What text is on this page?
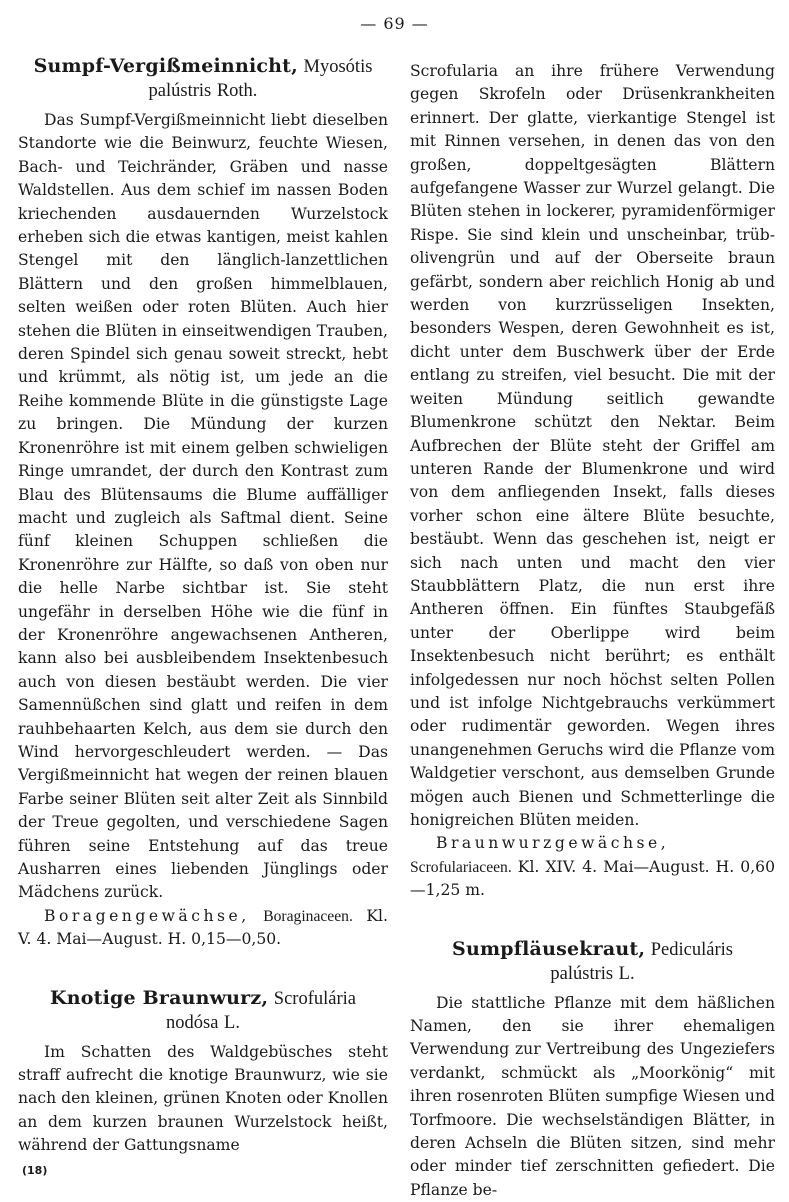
— 69 —
Sumpf-Vergißmeinnicht, Myosótis
palústris Roth.

Das Sumpf-Vergißmeinnicht liebt dieselben Standorte wie die Beinwurz, feuchte Wiesen, Bach- und Teichränder, Gräben und nasse Waldstellen. Aus dem schief im nassen Boden kriechenden ausdauernden Wurzelstock erheben sich die etwas kantigen, meist kahlen Stengel mit den länglich-lanzettlichen Blättern und den großen himmelblauen, selten weißen oder roten Blüten. Auch hier stehen die Blüten in einseitwendigen Trauben, deren Spindel sich genau soweit streckt, hebt und krümmt, als nötig ist, um jede an die Reihe kommende Blüte in die günstigste Lage zu bringen. Die Mündung der kurzen Kronenröhre ist mit einem gelben schwieligen Ringe umrandet, der durch den Kontrast zum Blau des Blütensaums die Blume auffälliger macht und zugleich als Saftmal dient. Seine fünf kleinen Schuppen schließen die Kronenröhre zur Hälfte, so daß von oben nur die helle Narbe sichtbar ist. Sie steht ungefähr in derselben Höhe wie die fünf in der Kronenröhre angewachsenen Antheren, kann also bei ausbleibendem Insektenbesuch auch von diesen bestäubt werden. Die vier Samennüßchen sind glatt und reifen in dem rauhbehaarten Kelch, aus dem sie durch den Wind hervorgeschleudert werden. — Das Vergißmeinnicht hat wegen der reinen blauen Farbe seiner Blüten seit alter Zeit als Sinnbild der Treue gegolten, und verschiedene Sagen führen seine Entstehung auf das treue Ausharren eines liebenden Jünglings oder Mädchens zurück.

Boragengewächse, Boraginaceen. Kl. V. 4. Mai—August. H. 0,15—0,50.
Knotige Braunwurz, Scrofulária
nodósa L.

Im Schatten des Waldgebüsches steht straff aufrecht die knotige Braunwurz, wie sie nach den kleinen, grünen Knoten oder Knollen an dem kurzen braunen Wurzelstock heißt, während der Gattungsname

Scrofularia an ihre frühere Verwendung gegen Skrofeln oder Drüsenkrankheiten erinnert. Der glatte, vierkantige Stengel ist mit Rinnen versehen, in denen das von den großen, doppeltgesägten Blättern aufgefangene Wasser zur Wurzel gelangt. Die Blüten stehen in lockerer, pyramidenförmiger Rispe. Sie sind klein und unscheinbar, trüb-olivengrün und auf der Oberseite braun gefärbt, sondern aber reichlich Honig ab und werden von kurzrüsseligen Insekten, besonders Wespen, deren Gewohnheit es ist, dicht unter dem Buschwerk über der Erde entlang zu streifen, viel besucht. Die mit der weiten Mündung seitlich gewandte Blumenkrone schützt den Nektar. Beim Aufbrechen der Blüte steht der Griffel am unteren Rande der Blumenkrone und wird von dem anfliegenden Insekt, falls dieses vorher schon eine ältere Blüte besuchte, bestäubt. Wenn das geschehen ist, neigt er sich nach unten und macht den vier Staubblättern Platz, die nun erst ihre Antheren öffnen. Ein fünftes Staubgefäß unter der Oberlippe wird beim Insektenbesuch nicht berührt; es enthält infolgedessen nur noch höchst selten Pollen und ist infolge Nichtgebrauchs verkümmert oder rudimentär geworden. Wegen ihres unangenehmen Geruchs wird die Pflanze vom Waldgetier verschont, aus demselben Grunde mögen auch Bienen und Schmetterlinge die honigreichen Blüten meiden.

Braunwurzgewächse, Scrofulariaceen. Kl. XIV. 4. Mai—August. H. 0,60—1,25 m.
Sumpfläusekraut, Pediculáris
palústris L.

Die stattliche Pflanze mit dem häßlichen Namen, den sie ihrer ehemaligen Verwendung zur Vertreibung des Ungeziefers verdankt, schmückt als „Moorkönig“ mit ihren rosenroten Blüten sumpfige Wiesen und Torfmoore. Die wechselständigen Blätter, in deren Achseln die Blüten sitzen, sind mehr oder minder tief zerschnitten gefiedert. Die Pflanze be-

(18)
